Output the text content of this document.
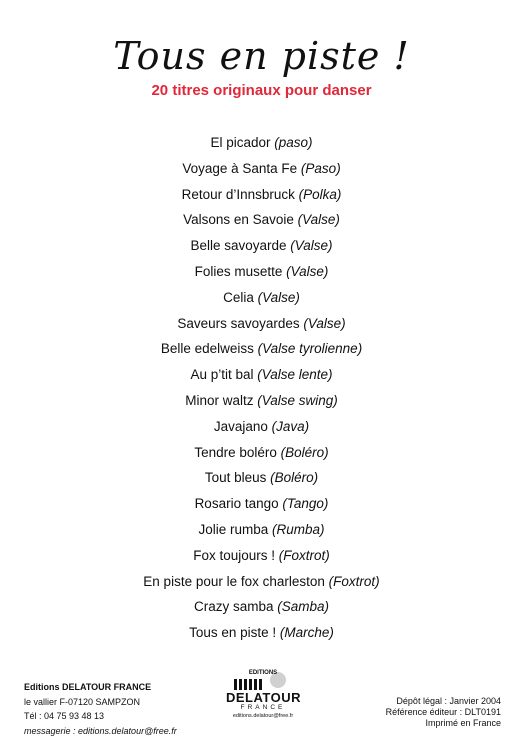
Tous en piste !
20 titres originaux pour danser
El picador (paso)
Voyage à Santa Fe (Paso)
Retour d’Innsbruck (Polka)
Valsons en Savoie (Valse)
Belle savoyarde (Valse)
Folies musette (Valse)
Celia (Valse)
Saveurs savoyardes (Valse)
Belle edelweiss (Valse tyrolienne)
Au p’tit bal (Valse lente)
Minor waltz (Valse swing)
Javajano (Java)
Tendre boléro (Boléro)
Tout bleus (Boléro)
Rosario tango (Tango)
Jolie rumba (Rumba)
Fox toujours ! (Foxtrot)
En piste pour le fox charleston (Foxtrot)
Crazy samba (Samba)
Tous en piste ! (Marche)
Editions DELATOUR FRANCE
le vallier F-07120 SAMPZON
Tél : 04 75 93 48 13
messagerie : editions.delatour@free.fr
EDITIONS
DELATOUR
FRANCE
editions.delatour@free.fr
Dépôt légal : Janvier 2004
Référence éditeur : DLT0191
Imprimé en France
